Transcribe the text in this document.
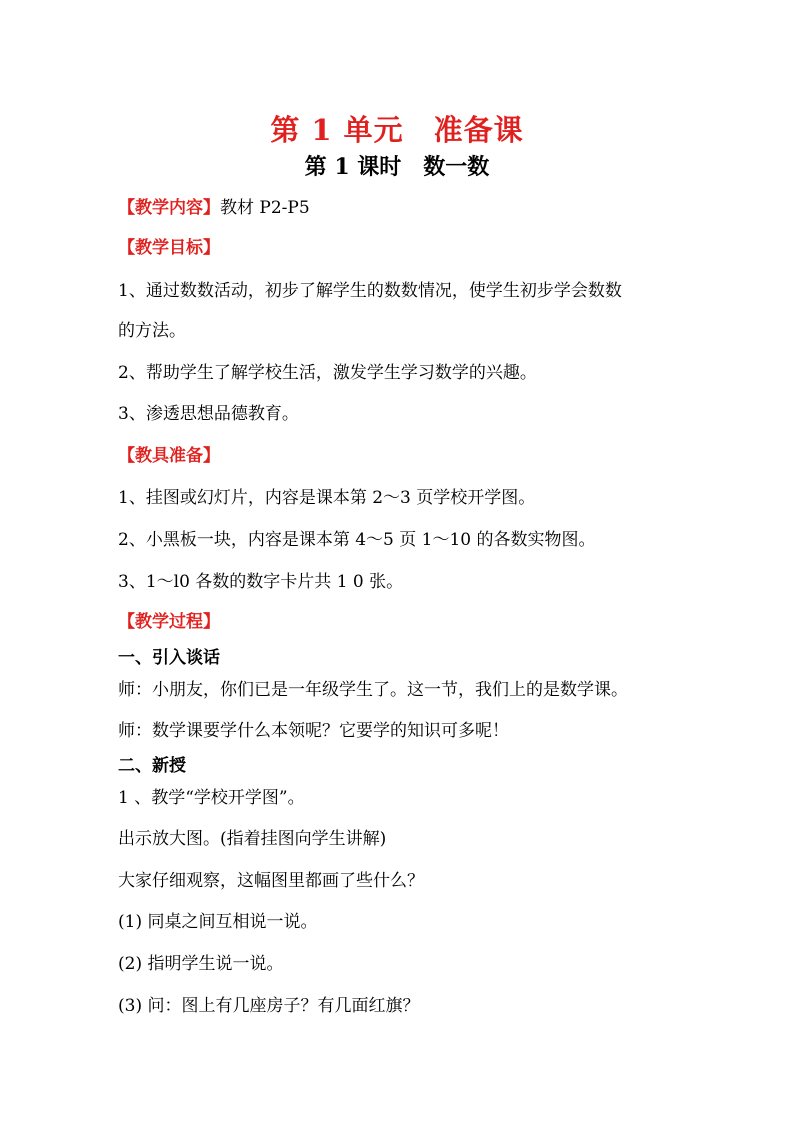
第 1 单元　准备课
第 1 课时　数一数
【教学内容】教材 P2-P5
【教学目标】
1、通过数数活动，初步了解学生的数数情况，使学生初步学会数数
的方法。
2、帮助学生了解学校生活，激发学生学习数学的兴趣。
3、渗透思想品德教育。
【教具准备】
1、挂图或幻灯片，内容是课本第 2～3 页学校开学图。
2、小黑板一块，内容是课本第 4～5 页 1～10 的各数实物图。
3、1～l0 各数的数字卡片共 1 0 张。
【教学过程】
一、引入谈话
师：小朋友，你们已是一年级学生了。这一节，我们上的是数学课。
师：数学课要学什么本领呢？它要学的知识可多呢！
二、新授
1 、教学“学校开学图”。
出示放大图。(指着挂图向学生讲解)
大家仔细观察，这幅图里都画了些什么？
(1) 同桌之间互相说一说。
(2) 指明学生说一说。
(3) 问：图上有几座房子？有几面红旗？
